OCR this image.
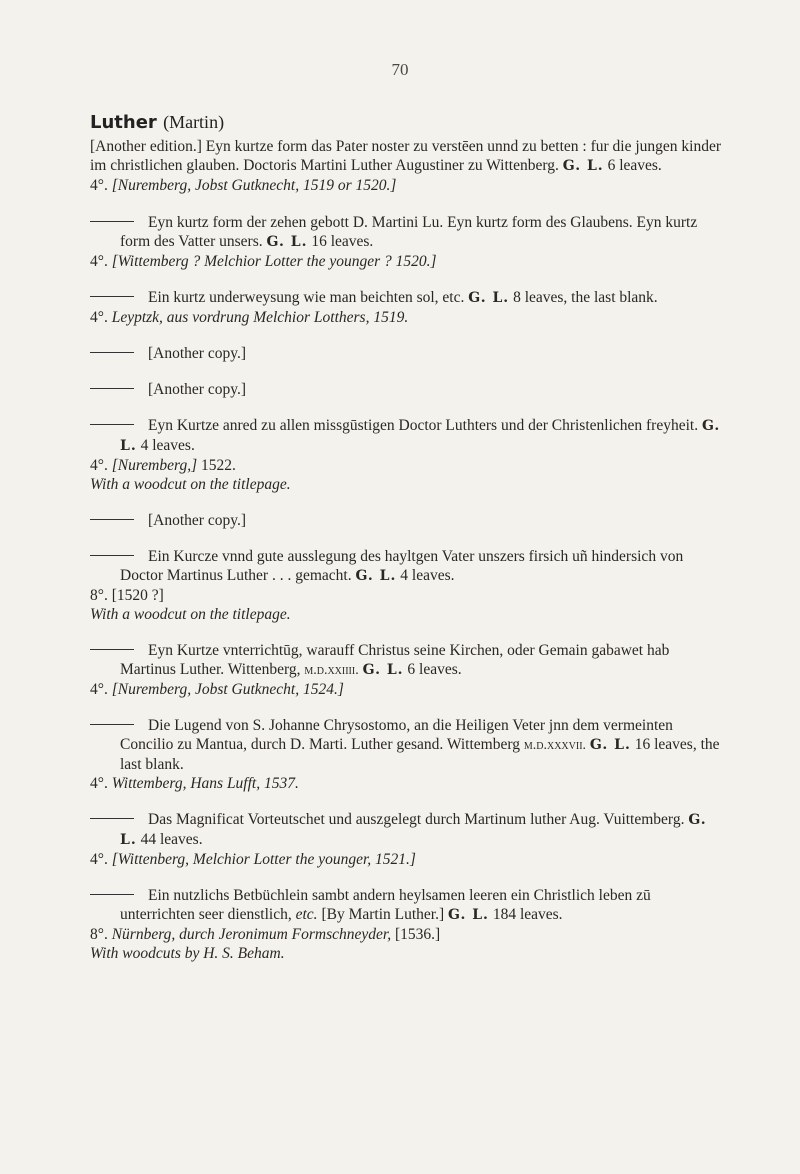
70
Luther (Martin)
[Another edition.] Eyn kurtze form das Pater noster zu verstēen unnd zu betten : fur die jungen kinder im christlichen glauben. Doctoris Martini Luther Augustiner zu Wittenberg. G. L. 6 leaves.
4°. [Nuremberg, Jobst Gutknecht, 1519 or 1520.]
Eyn kurtz form der zehen gebott D. Martini Lu. Eyn kurtz form des Glaubens. Eyn kurtz form des Vatter unsers. G. L. 16 leaves.
4°. [Wittemberg ? Melchior Lotter the younger ? 1520.]
Ein kurtz underweysung wie man beichten sol, etc. G. L. 8 leaves, the last blank.
4°. Leyptzk, aus vordrung Melchior Lotthers, 1519.
[Another copy.]
[Another copy.]
Eyn Kurtze anred zu allen missgūstigen Doctor Luthters und der Christenlichen freyheit. G. L. 4 leaves.
4°. [Nuremberg,] 1522.
With a woodcut on the titlepage.
[Another copy.]
Ein Kurcze vnnd gute ausslegung des hayltgen Vater unszers firsich uñ hindersich von Doctor Martinus Luther . . . gemacht. G. L. 4 leaves.
8°. [1520 ?]
With a woodcut on the titlepage.
Eyn Kurtze vnterrichtūg, warauff Christus seine Kirchen, oder Gemain gabawet hab Martinus Luther. Wittenberg, m.d.xxiiii. G. L. 6 leaves.
4°. [Nuremberg, Jobst Gutknecht, 1524.]
Die Lugend von S. Johanne Chrysostomo, an die Heiligen Veter jnn dem vermeinten Concilio zu Mantua, durch D. Marti. Luther gesand. Wittemberg m.d.xxxvii. G. L. 16 leaves, the last blank.
4°. Wittemberg, Hans Lufft, 1537.
Das Magnificat Vorteutschet und auszgelegt durch Martinum luther Aug. Vuittemberg. G. L. 44 leaves.
4°. [Wittenberg, Melchior Lotter the younger, 1521.]
Ein nutzlichs Betbüchlein sambt andern heylsamen leeren ein Christlich leben zū unterrichten seer dienstlich, etc. [By Martin Luther.] G. L. 184 leaves.
8°. Nürnberg, durch Jeronimum Formschneyder, [1536.]
With woodcuts by H. S. Beham.
